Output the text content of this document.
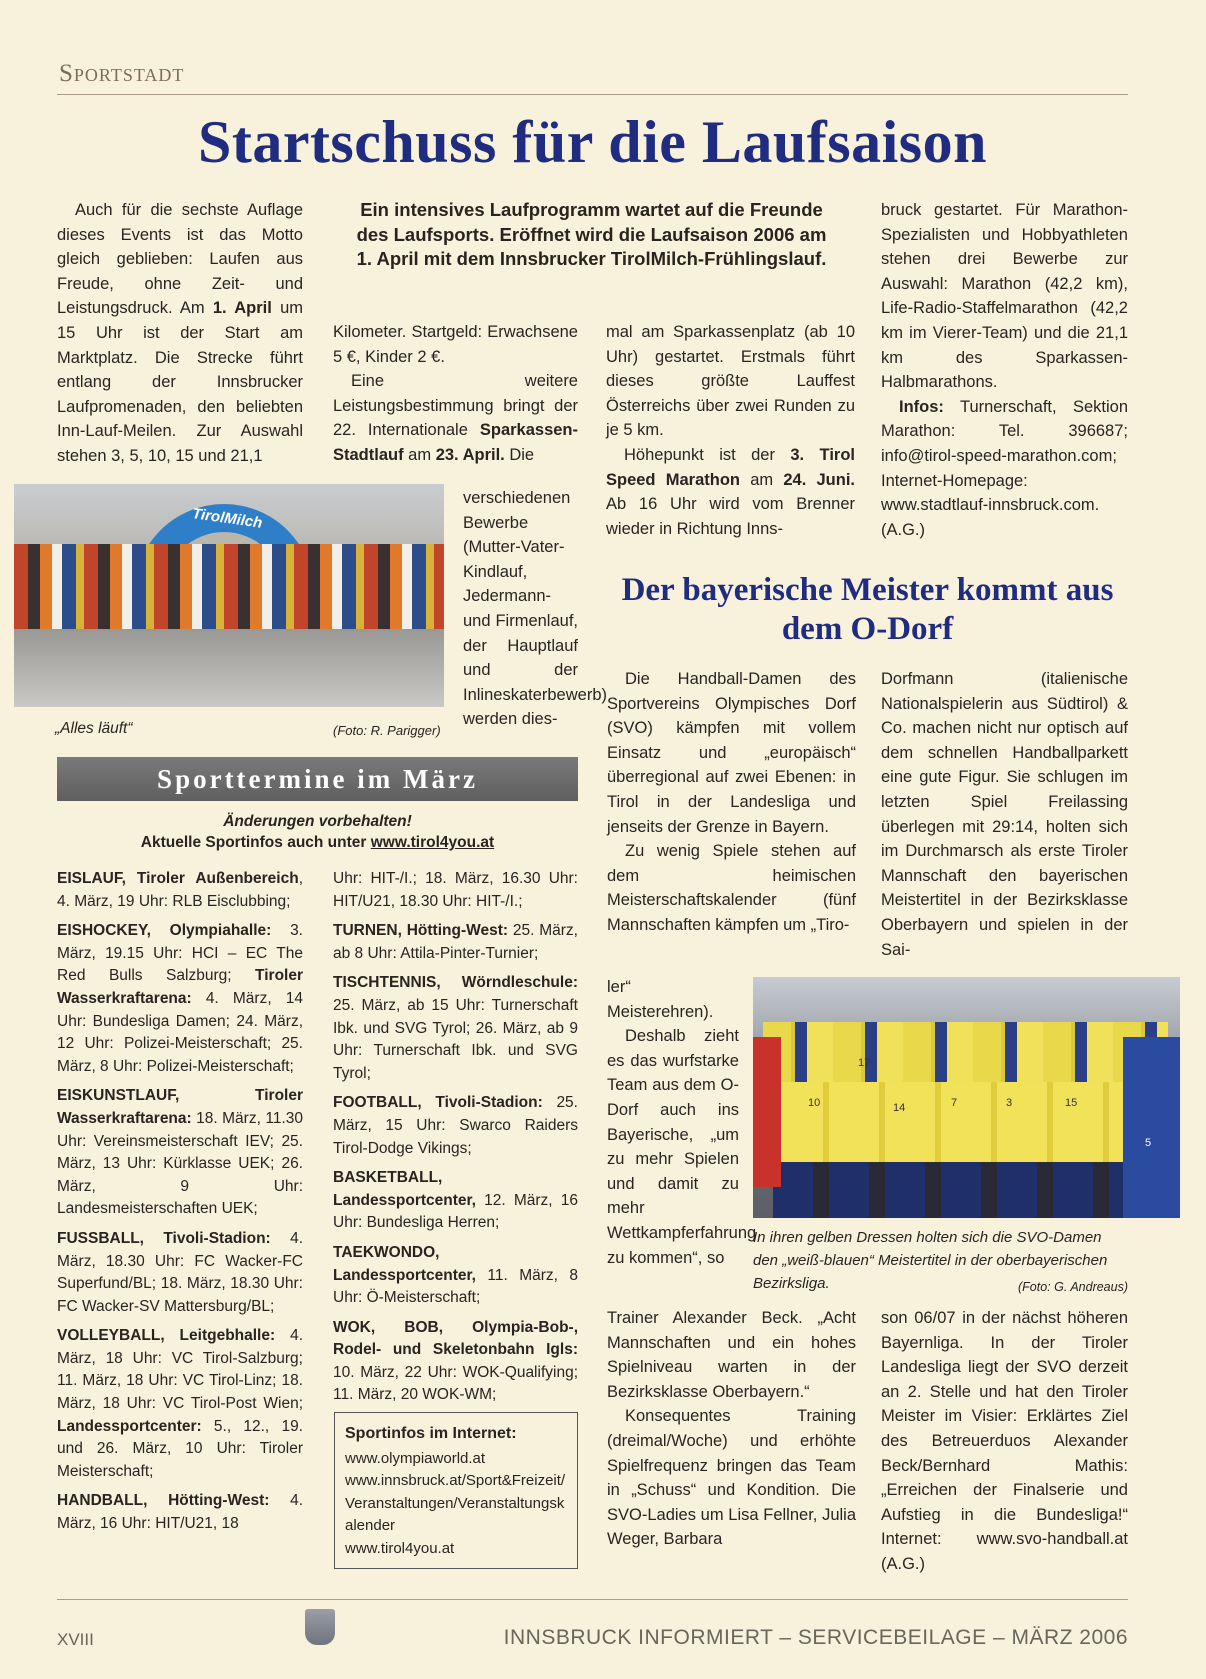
Sportstadt
Startschuss für die Laufsaison

Auch für die sechste Auflage dieses Events ist das Motto gleich geblieben: Laufen aus Freude, ohne Zeit- und Leistungsdruck. Am 1. April um 15 Uhr ist der Start am Marktplatz. Die Strecke führt entlang der Innsbrucker Laufpromenaden, den beliebten Inn-Lauf-Meilen. Zur Auswahl stehen 3, 5, 10, 15 und 21,1

Ein intensives Laufprogramm wartet auf die Freunde des Laufsports. Eröffnet wird die Laufsaison 2006 am 1. April mit dem Innsbrucker TirolMilch-Frühlingslauf.

Kilometer. Startgeld: Erwachsene 5 €, Kinder 2 €.

Eine weitere Leistungsbestimmung bringt der 22. Internationale Sparkassen-Stadtlauf am 23. April. Die

verschiedenen Bewerbe (Mutter-Vater-Kindlauf, Jedermann- und Firmenlauf, der Hauptlauf und der Inlineskaterbewerb) werden dies-

mal am Sparkassenplatz (ab 10 Uhr) gestartet. Erstmals führt dieses größte Lauffest Österreichs über zwei Runden zu je 5 km.

Höhepunkt ist der 3. Tirol Speed Marathon am 24. Juni. Ab 16 Uhr wird vom Brenner wieder in Richtung Inns-

bruck gestartet. Für Marathon-Spezialisten und Hobbyathleten stehen drei Bewerbe zur Auswahl: Marathon (42,2 km), Life-Radio-Staffelmarathon (42,2 km im Vierer-Team) und die 21,1 km des Sparkassen-Halbmarathons.

Infos: Turnerschaft, Sektion Marathon: Tel. 396687; info@tirol-speed-marathon.com; Internet-Homepage: www.stadtlauf-innsbruck.com. (A.G.)

TirolMilch
„Alles läuft“	(Foto: R. Parigger)
Sporttermine im März
Änderungen vorbehalten!
Aktuelle Sportinfos auch unter www.tirol4you.at

EISLAUF, Tiroler Außenbereich, 4. März, 19 Uhr: RLB Eisclubbing;

EISHOCKEY, Olympiahalle: 3. März, 19.15 Uhr: HCI – EC The Red Bulls Salzburg; Tiroler Wasserkraftarena: 4. März, 14 Uhr: Bundesliga Damen; 24. März, 12 Uhr: Polizei-Meisterschaft; 25. März, 8 Uhr: Polizei-Meisterschaft;

EISKUNSTLAUF, Tiroler Wasserkraftarena: 18. März, 11.30 Uhr: Vereinsmeisterschaft IEV; 25. März, 13 Uhr: Kürklasse UEK; 26. März, 9 Uhr: Landesmeisterschaften UEK;

FUSSBALL, Tivoli-Stadion: 4. März, 18.30 Uhr: FC Wacker-FC Superfund/BL; 18. März, 18.30 Uhr: FC Wacker-SV Mattersburg/BL;

VOLLEYBALL, Leitgebhalle: 4. März, 18 Uhr: VC Tirol-Salzburg; 11. März, 18 Uhr: VC Tirol-Linz; 18. März, 18 Uhr: VC Tirol-Post Wien; Landessportcenter: 5., 12., 19. und 26. März, 10 Uhr: Tiroler Meisterschaft;

HANDBALL, Hötting-West: 4. März, 16 Uhr: HIT/U21, 18

Uhr: HIT-/I.; 18. März, 16.30 Uhr: HIT/U21, 18.30 Uhr: HIT-/I.;

TURNEN, Hötting-West: 25. März, ab 8 Uhr: Attila-Pinter-Turnier;

TISCHTENNIS, Wörndleschule: 25. März, ab 15 Uhr: Turnerschaft Ibk. und SVG Tyrol; 26. März, ab 9 Uhr: Turnerschaft Ibk. und SVG Tyrol;

FOOTBALL, Tivoli-Stadion: 25. März, 15 Uhr: Swarco Raiders Tirol-Dodge Vikings;

BASKETBALL, Landessportcenter, 12. März, 16 Uhr: Bundesliga Herren;

TAEKWONDO, Landessportcenter, 11. März, 8 Uhr: Ö-Meisterschaft;

WOK, BOB, Olympia-Bob-, Rodel- und Skeletonbahn Igls: 10. März, 22 Uhr: WOK-Qualifying; 11. März, 20 WOK-WM;

Sportinfos im Internet:
www.olympiaworld.at
www.innsbruck.at/Sport&Freizeit/Veranstaltungen/Veranstaltungskalender
www.tirol4you.at
Der bayerische Meister kommt aus dem O-Dorf

Die Handball-Damen des Sportvereins Olympisches Dorf (SVO) kämpfen mit vollem Einsatz und „europäisch“ überregional auf zwei Ebenen: in Tirol in der Landesliga und jenseits der Grenze in Bayern.

Zu wenig Spiele stehen auf dem heimischen Meisterschaftskalender (fünf Mannschaften kämpfen um „Tiro-

ler“ Meisterehren).

Deshalb zieht es das wurfstarke Team aus dem O-Dorf auch ins Bayerische, „um zu mehr Spielen und damit zu mehr Wettkampferfahrung zu kommen“, so

Trainer Alexander Beck. „Acht Mannschaften und ein hohes Spielniveau warten in der Bezirksklasse Oberbayern.“

Konsequentes Training (dreimal/Woche) und erhöhte Spielfrequenz bringen das Team in „Schuss“ und Kondition. Die SVO-Ladies um Lisa Fellner, Julia Weger, Barbara

Dorfmann (italienische Nationalspielerin aus Südtirol) & Co. machen nicht nur optisch auf dem schnellen Handballparkett eine gute Figur. Sie schlugen im letzten Spiel Freilassing überlegen mit 29:14, holten sich im Durchmarsch als erste Tiroler Mannschaft den bayerischen Meistertitel in der Bezirksklasse Oberbayern und spielen in der Sai-

son 06/07 in der nächst höheren Bayernliga. In der Tiroler Landesliga liegt der SVO derzeit an 2. Stelle und hat den Tiroler Meister im Visier: Erklärtes Ziel des Betreuerduos Alexander Beck/Bernhard Mathis: „Erreichen der Finalserie und Aufstieg in die Bundesliga!“ Internet: www.svo-handball.at (A.G.)

10
17
14	7	3	15
5
In ihren gelben Dressen holten sich die SVO-Damen den „weiß-blauen“ Meistertitel in der oberbayerischen Bezirksliga.	(Foto: G. Andreaus)
XVIII	INNSBRUCK INFORMIERT – SERVICEBEILAGE – MÄRZ 2006
